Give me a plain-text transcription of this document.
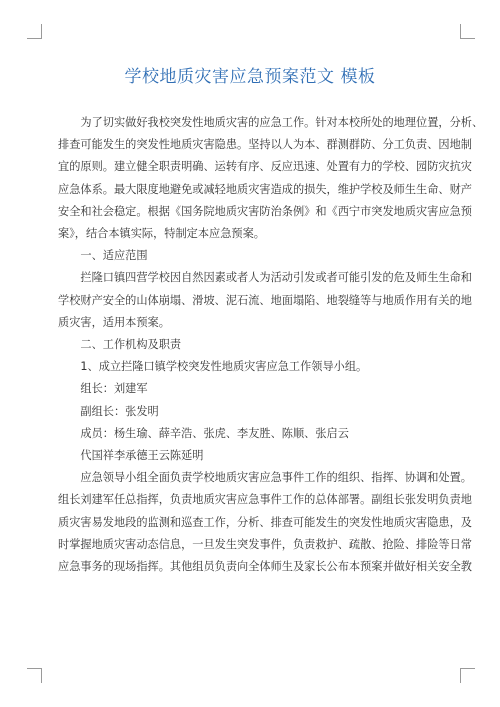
学校地质灾害应急预案范文 模板

为了切实做好我校突发性地质灾害的应急工作。针对本校所处的地理位置，分析、
排查可能发生的突发性地质灾害隐患。坚持以人为本、群测群防、分工负责、因地制
宜的原则。建立健全职责明确、运转有序、反应迅速、处置有力的学校、园防灾抗灾
应急体系。最大限度地避免或减轻地质灾害造成的损失，维护学校及师生生命、财产
安全和社会稳定。根据《国务院地质灾害防治条例》和《西宁市突发地质灾害应急预
案》，结合本镇实际，特制定本应急预案。

一、适应范围

拦隆口镇四营学校因自然因素或者人为活动引发或者可能引发的危及师生生命和
学校财产安全的山体崩塌、滑坡、泥石流、地面塌陷、地裂缝等与地质作用有关的地
质灾害，适用本预案。

二、工作机构及职责

1、成立拦隆口镇学校突发性地质灾害应急工作领导小组。

组长：刘建军

副组长：张发明

成员：杨生瑜、薛辛浩、张虎、李友胜、陈顺、张启云

代国祥李承德王云陈延明

应急领导小组全面负责学校地质灾害应急事件工作的组织、指挥、协调和处置。
组长刘建军任总指挥，负责地质灾害应急事件工作的总体部署。副组长张发明负责地
质灾害易发地段的监测和巡查工作，分析、排查可能发生的突发性地质灾害隐患，及
时掌握地质灾害动态信息，一旦发生突发事件，负责救护、疏散、抢险、排险等日常
应急事务的现场指挥。其他组员负责向全体师生及家长公布本预案并做好相关安全教
